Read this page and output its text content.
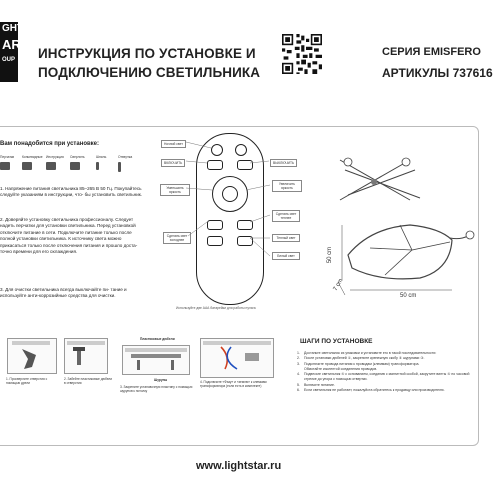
GHT
AR
OUP ИНСТРУКЦИЯ ПО УСТАНОВКЕ И
ПОДКЛЮЧЕНИЮ СВЕТИЛЬНИКА
СЕРИЯ EMISFERO
АРТИКУЛЫ 737616
Вам понадобится при установке:
Перчатки Копьевидные Инструкция Сверлить	Шпиль	Отвертка
1. Напряжение питания светильника 85–265 В 50 Гц. Покупайтесь следуйте указаниям в инструкции, что- бы установить светильник.
2. Доверяйте установку светильника профессионалу. Следует надеть перчатки для установки светильника. Перед установкой отключите питание в сети. Подключите питание только после полной установки светильника. К источнику света можно прикасаться только после отключения питания и прошло доста- точно времени для его охлаждения.
3. Для очистки светильника всегда выключайте пи- тание и используйте анти-коррозийные средства для очистки.
Ночной свет
ВКЛЮЧИТЬ	ВЫКЛЮЧИТЬ
Уменьшить яркость
Увеличить яркость
Сделать свет теплее
Сделать свет холоднее	Теплый свет
Белый свет
Используйте две ААА батарейки для работы пульта
50 cm
7 cm
50 cm
1. Просверлите отверстия с помощью дрели
2. Забейте пластиковые дюбели в отверстия
Пластиковые дюбели
Шурупы
3. Закрепите установочную пластину с помощью шурупов к потолку
4. Подключите «Фазу» и «землю» к клеммам трансформатора (если есть в комплекте)
ШАГИ ПО УСТАНОВКЕ
1.	Достаньте светильник из упаковки и установите его в такой последовательности:
2.	После установки дюбелей ①, закрепите крепежную скобу ② шурупами ③.
3.	Подключите провода питания к проводам (клеммам) трансформатора.
Обмотайте изолентой соединения проводов.
4.	Подвесьте светильник ④ с основанием, соединив с магнитной скобой, закрутите винты ⑤ по часовой стрелке до упора с помощью отвертки.
5.	Включите питание.
6.	Если светильник не работает, пожалуйста обратитесь к продавцу или производителю.
www.lightstar.ru
